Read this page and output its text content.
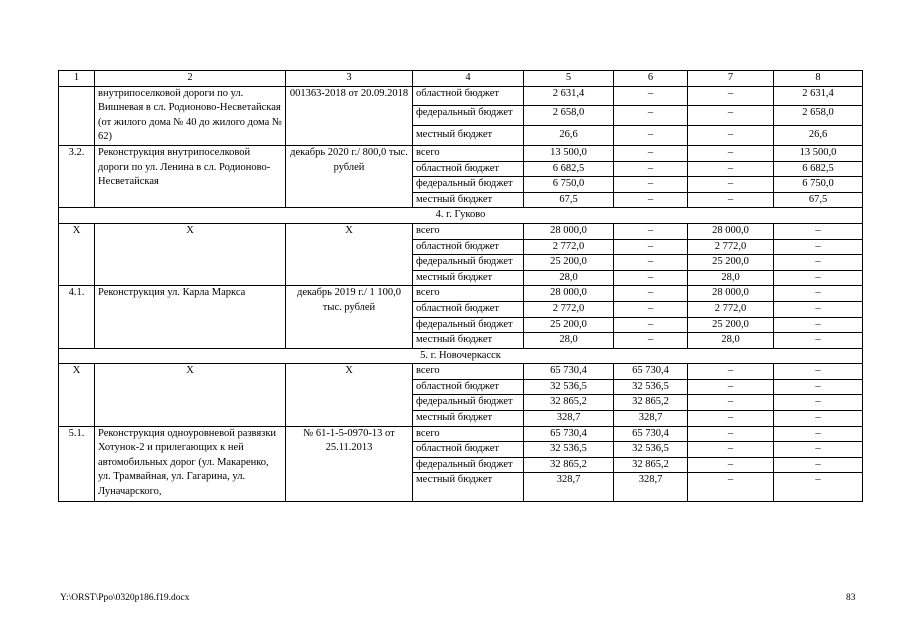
1	2	3	4	5	6	7	8
	внутрипоселковой дороги по ул. Вишневая в сл. Родионово-Несветайская (от жилого дома № 40 до жилого дома № 62)	001363-2018 от 20.09.2018	областной бюджет	2 631,4	–	–	2 631,4
			федеральный бюджет	2 658,0	–	–	2 658,0
			местный бюджет	26,6	–	–	26,6
3.2.	Реконструкция внутрипоселковой дороги по ул. Ленина в сл. Родионово-Несветайская	декабрь 2020 г./ 800,0 тыс. рублей	всего	13 500,0	–	–	13 500,0
			областной бюджет	6 682,5	–	–	6 682,5
			федеральный бюджет	6 750,0	–	–	6 750,0
			местный бюджет	67,5	–	–	67,5
4. г. Гуково							
Х	Х	Х	всего	28 000,0	–	28 000,0	–
			областной бюджет	2 772,0	–	2 772,0	–
			федеральный бюджет	25 200,0	–	25 200,0	–
			местный бюджет	28,0	–	28,0	–
4.1.	Реконструкция ул. Карла Маркса	декабрь 2019 г./ 1 100,0 тыс. рублей	всего	28 000,0	–	28 000,0	–
			областной бюджет	2 772,0	–	2 772,0	–
			федеральный бюджет	25 200,0	–	25 200,0	–
			местный бюджет	28,0	–	28,0	–
5. г. Новочеркасск							
Х	Х	Х	всего	65 730,4	65 730,4	–	–
			областной бюджет	32 536,5	32 536,5	–	–
			федеральный бюджет	32 865,2	32 865,2	–	–
			местный бюджет	328,7	328,7	–	–
5.1.	Реконструкция одноуровневой развязки Хотунок-2 и прилегающих к ней автомобильных дорог (ул. Макаренко, ул. Трамвайная, ул. Гагарина, ул. Луначарского,	№ 61-1-5-0970-13 от 25.11.2013	всего	65 730,4	65 730,4	–	–
			областной бюджет	32 536,5	32 536,5	–	–
			федеральный бюджет	32 865,2	32 865,2	–	–
			местный бюджет	328,7	328,7	–	–
Y:\ORST\Ppo\0320p186.f19.docx	83
